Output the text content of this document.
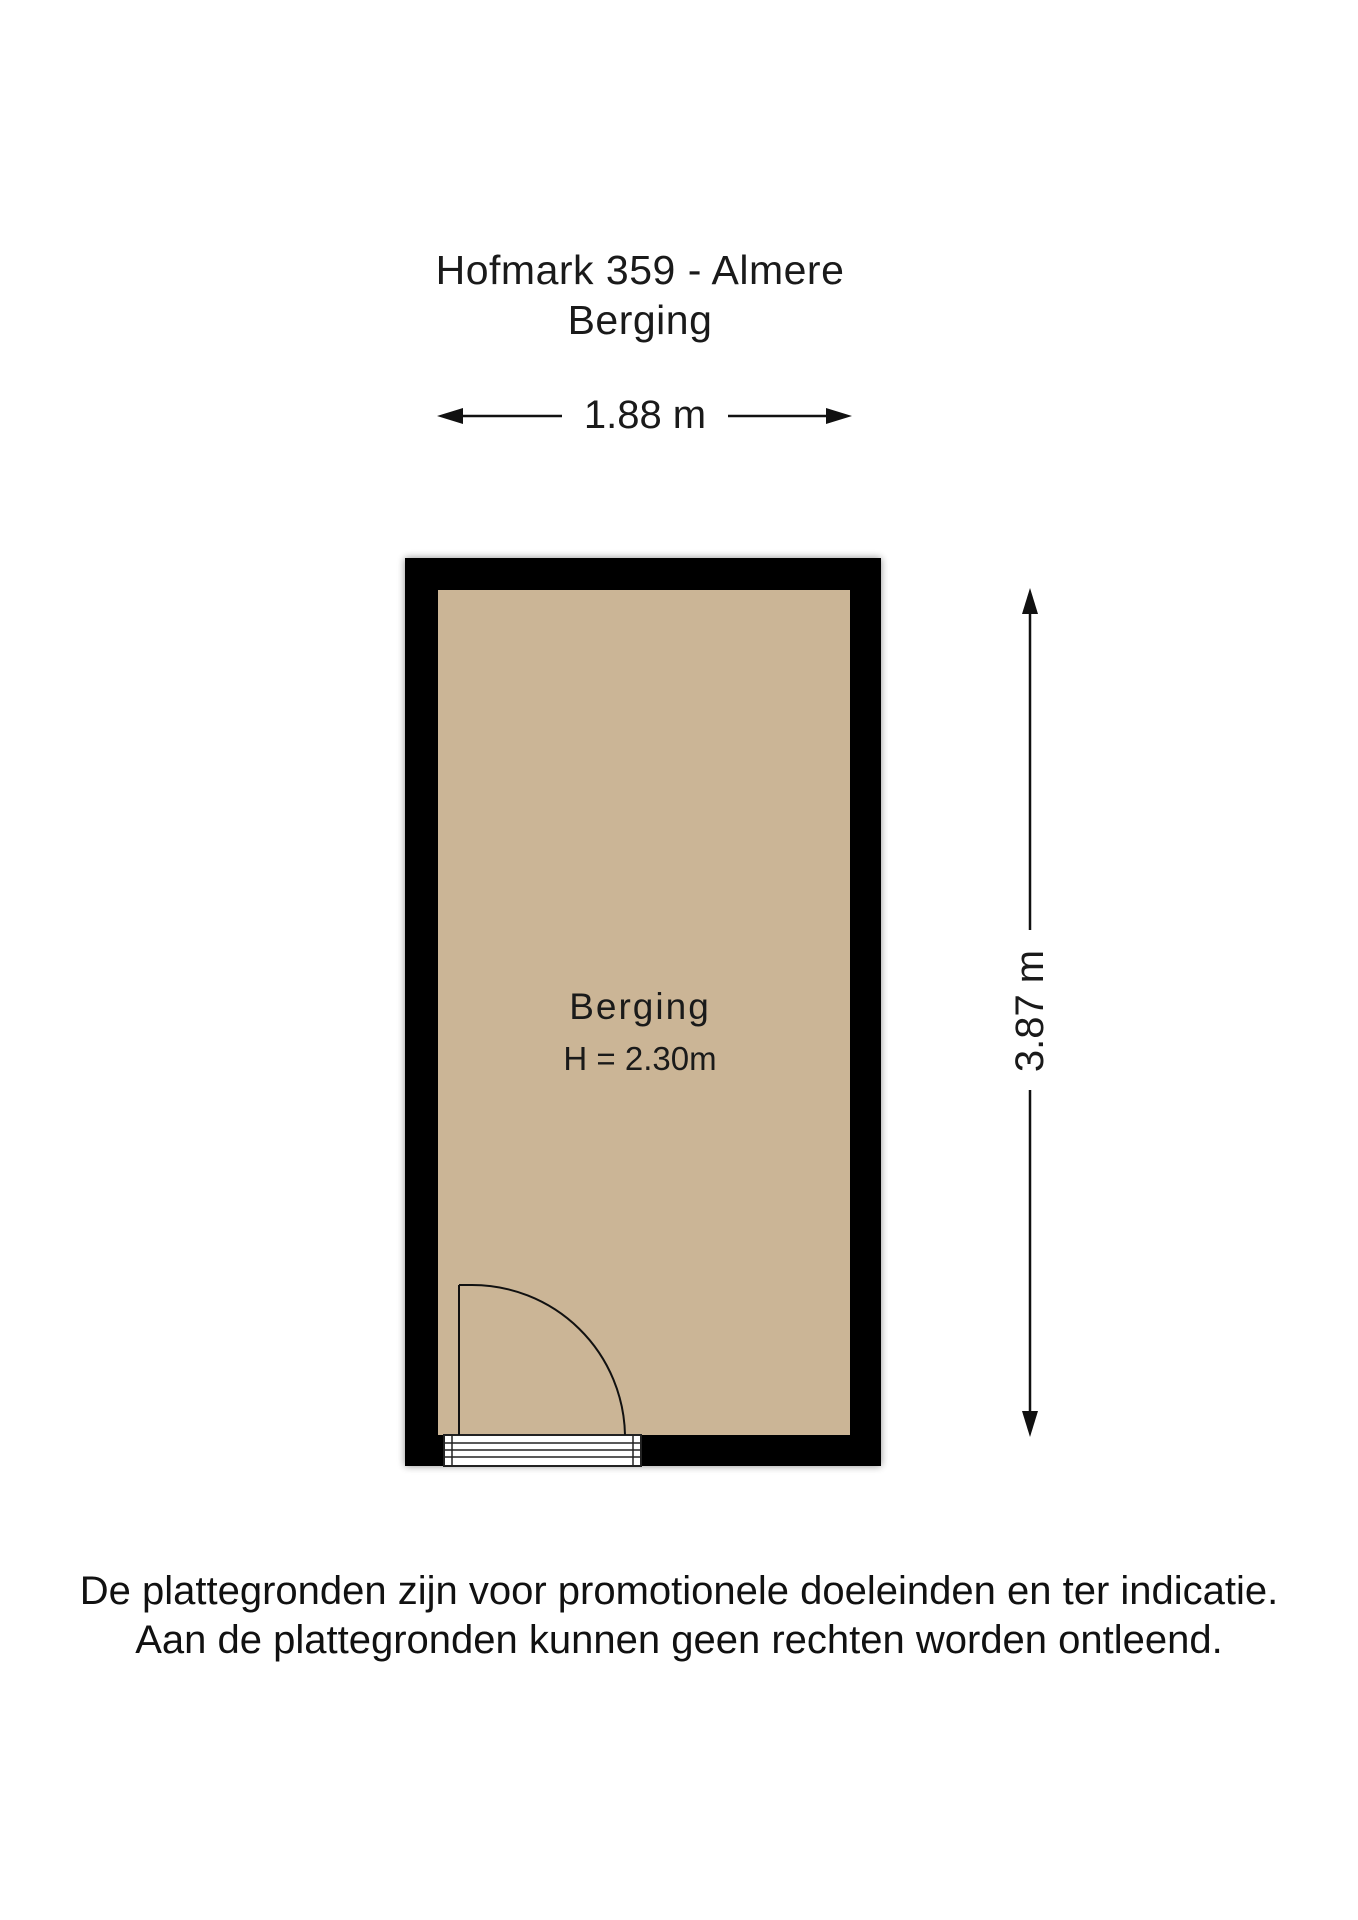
Hofmark 359 - Almere
Berging
1.88 m
3.87 m
Berging
H = 2.30m
De plattegronden zijn voor promotionele doeleinden en ter indicatie.
Aan de plattegronden kunnen geen rechten worden ontleend.
